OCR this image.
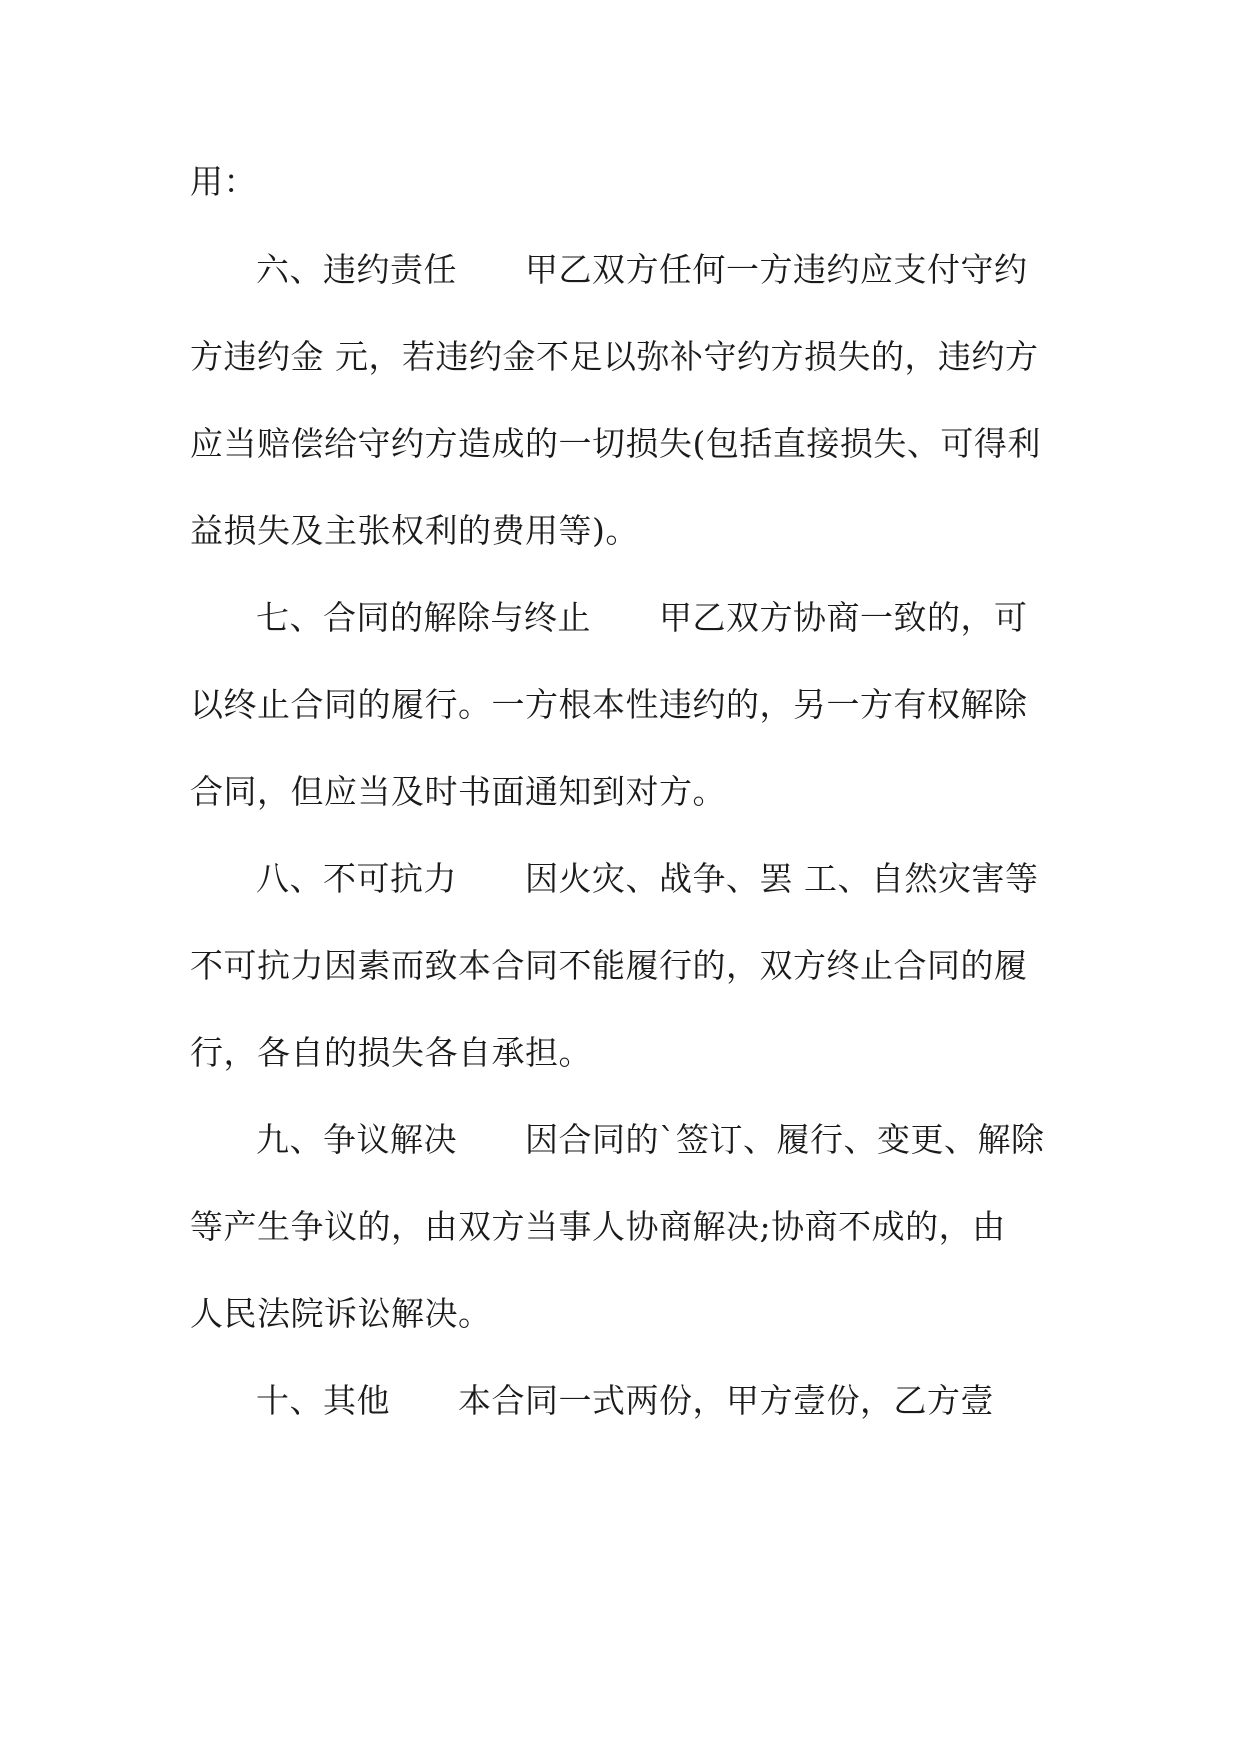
用：
六、违约责任 甲乙双方任何一方违约应支付守约
方违约金 元，若违约金不足以弥补守约方损失的，违约方
应当赔偿给守约方造成的一切损失(包括直接损失、可得利
益损失及主张权利的费用等)。
七、合同的解除与终止 甲乙双方协商一致的，可
以终止合同的履行。一方根本性违约的，另一方有权解除
合同，但应当及时书面通知到对方。
八、不可抗力 因火灾、战争、罢 工、自然灾害等
不可抗力因素而致本合同不能履行的，双方终止合同的履
行，各自的损失各自承担。
九、争议解决 因合同的`签订、履行、变更、解除
等产生争议的，由双方当事人协商解决;协商不成的，由
人民法院诉讼解决。
十、其他 本合同一式两份，甲方壹份，乙方壹
